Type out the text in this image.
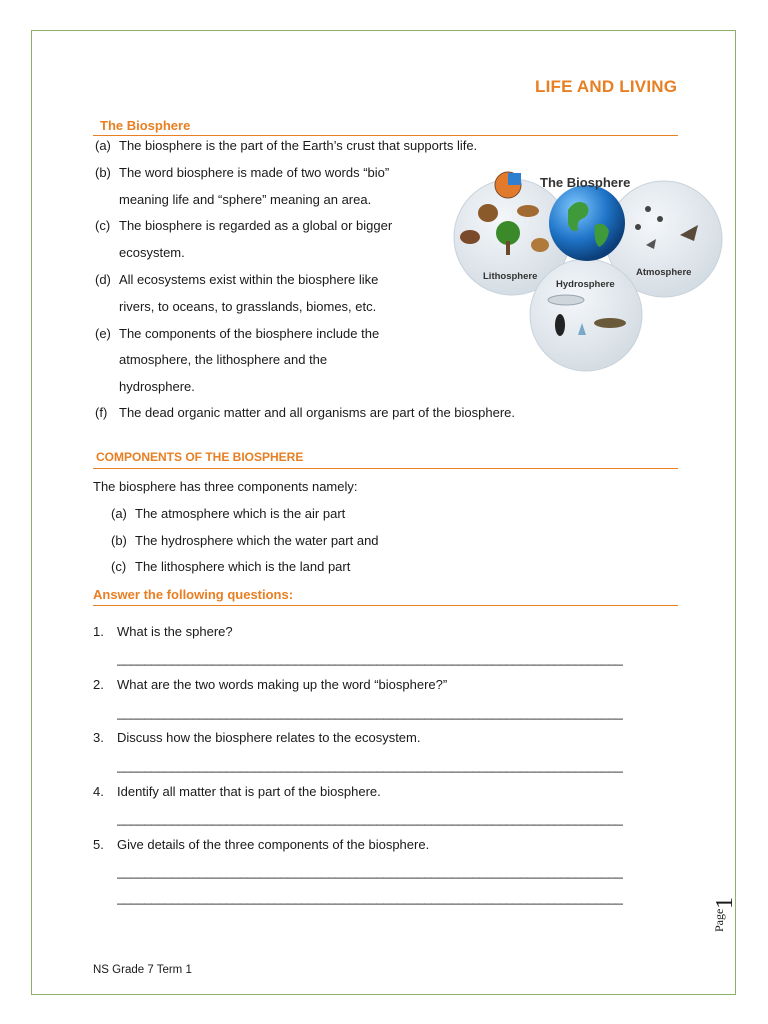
LIFE AND LIVING
The Biosphere
(a) The biosphere is the part of the Earth’s crust that supports life.
(b) The word biosphere is made of two words “bio”
meaning life and “sphere” meaning an area.
(c) The biosphere is regarded as a global or bigger
ecosystem.
(d) All ecosystems exist within the biosphere like
rivers, to oceans, to grasslands, biomes, etc.
(e) The components of the biosphere include the
atmosphere, the lithosphere and the
hydrosphere.
(f) The dead organic matter and all organisms are part of the biosphere.
The Biosphere
Lithosphere
Hydrosphere
Atmosphere
COMPONENTS OF THE BIOSPHERE
The biosphere has three components namely:
(a) The atmosphere which is the air part
(b) The hydrosphere which the water part and
(c) The lithosphere which is the land part
Answer the following questions:
1. What is the sphere?
__________________________________________________________________________
2. What are the two words making up the word “biosphere?”
__________________________________________________________________________
3. Discuss how the biosphere relates to the ecosystem.
__________________________________________________________________________
4. Identify all matter that is part of the biosphere.
__________________________________________________________________________
5. Give details of the three components of the biosphere.
__________________________________________________________________________
__________________________________________________________________________
Page
1
NS Grade 7 Term 1
